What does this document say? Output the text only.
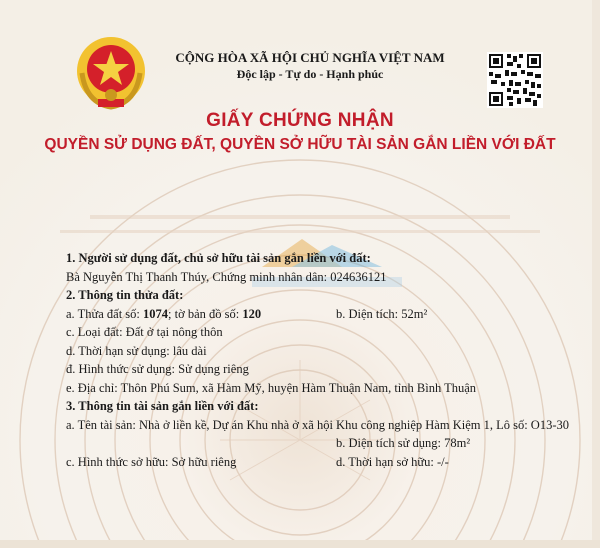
CỘNG HÒA XÃ HỘI CHỦ NGHĨA VIỆT NAM
Độc lập - Tự do - Hạnh phúc
GIẤY CHỨNG NHẬN
QUYỀN SỬ DỤNG ĐẤT, QUYỀN SỞ HỮU TÀI SẢN GẮN LIỀN VỚI ĐẤT
1. Người sử dụng đất, chủ sở hữu tài sản gắn liền với đất:
Bà Nguyễn Thị Thanh Thúy, Chứng minh nhân dân: 024636121
2. Thông tin thửa đất:
a. Thửa đất số: 1074; tờ bản đồ số: 120	b. Diện tích: 52m²
c. Loại đất: Đất ở tại nông thôn
d. Thời hạn sử dụng: lâu dài
đ. Hình thức sử dụng: Sử dụng riêng
e. Địa chỉ: Thôn Phú Sum, xã Hàm Mỹ, huyện Hàm Thuận Nam, tỉnh Bình Thuận
3. Thông tin tài sản gắn liền với đất:
a. Tên tài sản: Nhà ở liền kề, Dự án Khu nhà ở xã hội Khu công nghiệp Hàm Kiệm 1, Lô số: O13-30
b. Diện tích sử dụng: 78m²
c. Hình thức sở hữu: Sở hữu riêng	d. Thời hạn sở hữu: -/-
